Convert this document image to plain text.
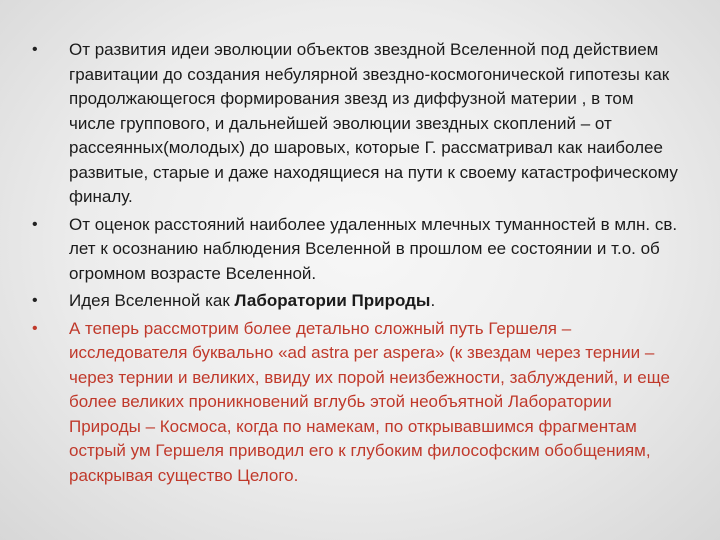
•	От развития идеи эволюции объектов звездной Вселенной под действием гравитации до создания небулярной звездно-космогонической гипотезы как продолжающегося формирования звезд из диффузной материи , в том числе группового, и дальнейшей эволюции звездных скоплений – от рассеянных(молодых) до шаровых, которые Г. рассматривал как наиболее развитые, старые и даже находящиеся на пути к своему катастрофическому финалу.
•	От оценок расстояний наиболее удаленных млечных туманностей в млн. св. лет к осознанию наблюдения Вселенной в прошлом ее состоянии и т.о. об огромном возрасте Вселенной.
•	Идея Вселенной как Лаборатории Природы.
•	А теперь рассмотрим более детально сложный путь Гершеля – исследователя буквально «ad astra per aspera» (к звездам через тернии – через тернии и великих, ввиду их порой неизбежности, заблуждений, и еще более великих проникновений вглубь этой необъятной Лаборатории Природы – Космоса, когда по намекам, по открывавшимся фрагментам острый ум Гершеля приводил его к глубоким философским обобщениям, раскрывая существо Целого.
